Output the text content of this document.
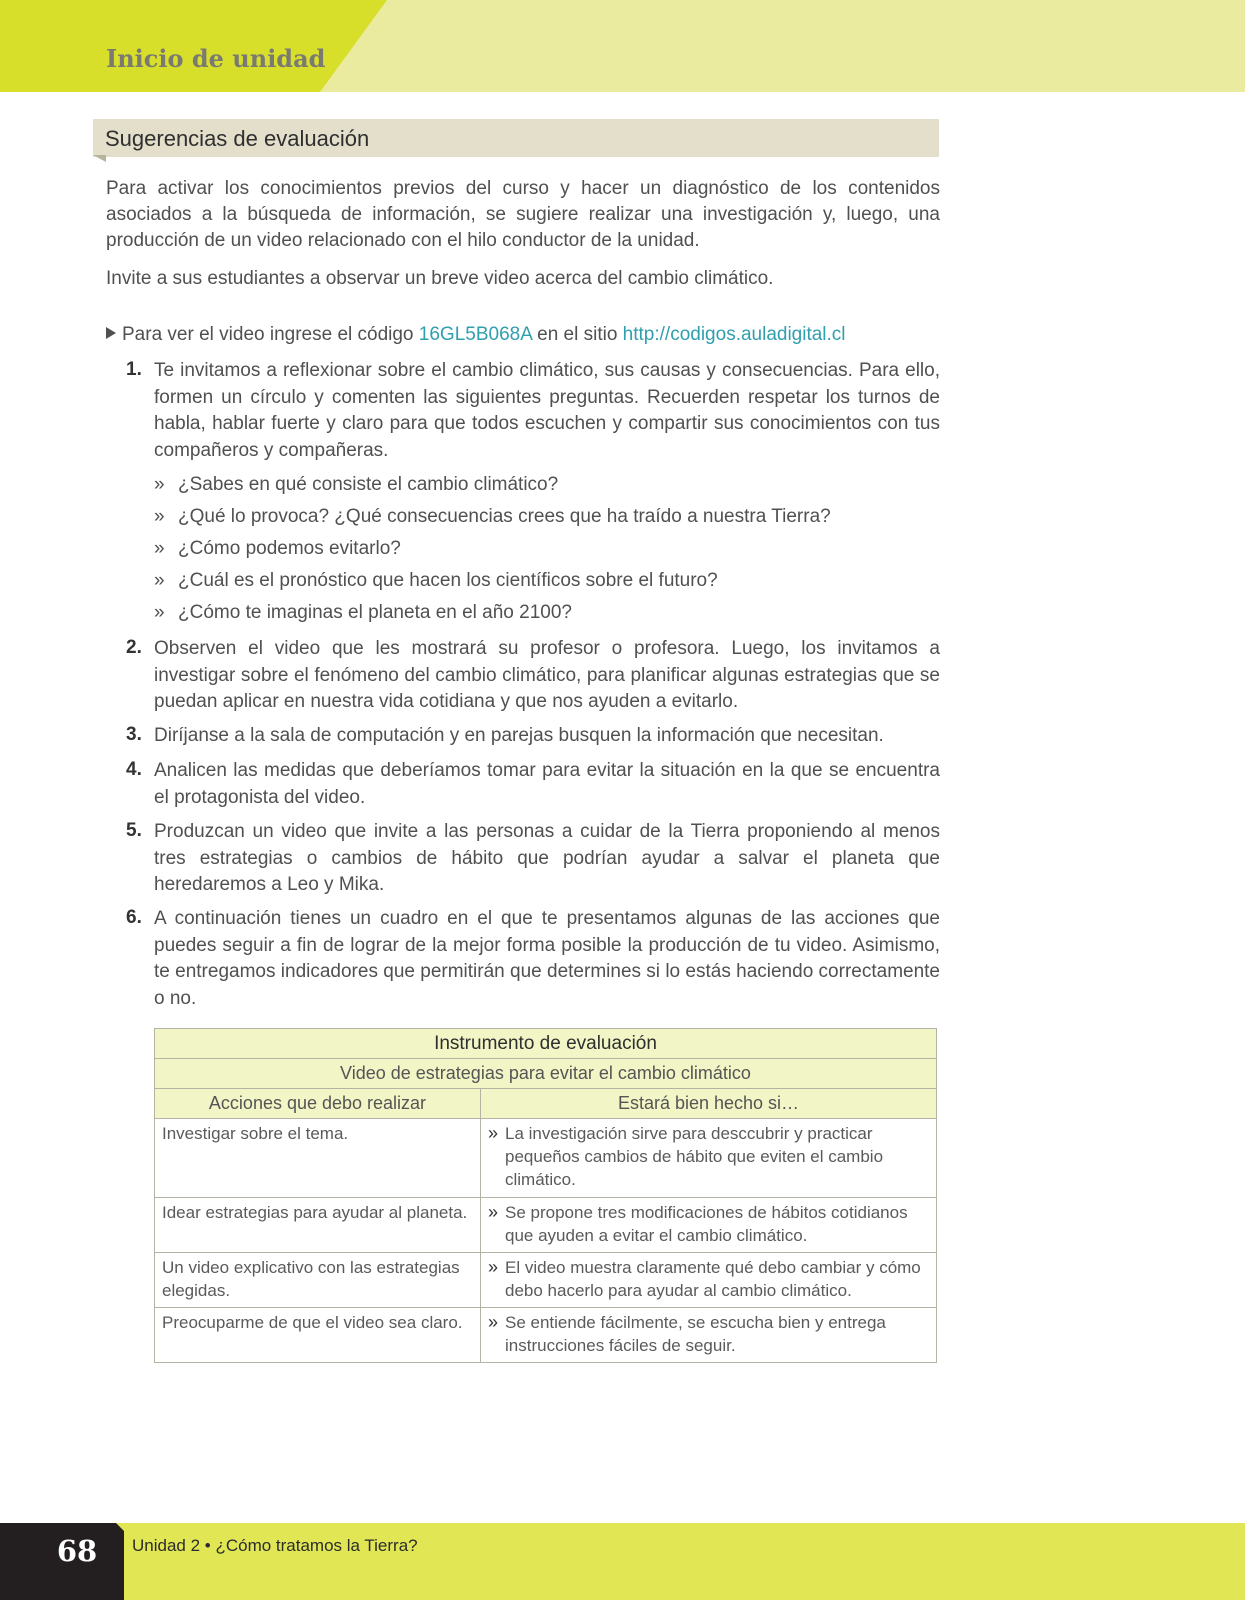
Inicio de unidad
Sugerencias de evaluación
Para activar los conocimientos previos del curso y hacer un diagnóstico de los contenidos asociados a la búsqueda de información, se sugiere realizar una investigación y, luego, una producción de un video relacionado con el hilo conductor de la unidad.
Invite a sus estudiantes a observar un breve video acerca del cambio climático.
Para ver el video ingrese el código 16GL5B068A en el sitio http://codigos.auladigital.cl
1. Te invitamos a reflexionar sobre el cambio climático, sus causas y consecuencias. Para ello, formen un círculo y comenten las siguientes preguntas. Recuerden respetar los turnos de habla, hablar fuerte y claro para que todos escuchen y compartir sus conocimientos con tus compañeros y compañeras.
» ¿Sabes en qué consiste el cambio climático?
» ¿Qué lo provoca? ¿Qué consecuencias crees que ha traído a nuestra Tierra?
» ¿Cómo podemos evitarlo?
» ¿Cuál es el pronóstico que hacen los científicos sobre el futuro?
» ¿Cómo te imaginas el planeta en el año 2100?
2. Observen el video que les mostrará su profesor o profesora. Luego, los invitamos a investigar sobre el fenómeno del cambio climático, para planificar algunas estrategias que se puedan aplicar en nuestra vida cotidiana y que nos ayuden a evitarlo.
3. Diríjanse a la sala de computación y en parejas busquen la información que necesitan.
4. Analicen las medidas que deberíamos tomar para evitar la situación en la que se encuentra el protagonista del video.
5. Produzcan un video que invite a las personas a cuidar de la Tierra proponiendo al menos tres estrategias o cambios de hábito que podrían ayudar a salvar el planeta que heredaremos a Leo y Mika.
6. A continuación tienes un cuadro en el que te presentamos algunas de las acciones que puedes seguir a fin de lograr de la mejor forma posible la producción de tu video. Asimismo, te entregamos indicadores que permitirán que determines si lo estás haciendo correctamente o no.
Instrumento de evaluación	
Video de estrategias para evitar el cambio climático	
Acciones que debo realizar	Estará bien hecho si…
Investigar sobre el tema.	» La investigación sirve para desccubrir y practicar pequeños cambios de hábito que eviten el cambio climático.
Idear estrategias para ayudar al planeta.	» Se propone tres modificaciones de hábitos cotidianos que ayuden a evitar el cambio climático.
Un video explicativo con las estrategias elegidas.	» El video muestra claramente qué debo cambiar y cómo debo hacerlo para ayudar al cambio climático.
Preocuparme de que el video sea claro.	» Se entiende fácilmente, se escucha bien y entrega instrucciones fáciles de seguir.
68	Unidad 2 • ¿Cómo tratamos la Tierra?
